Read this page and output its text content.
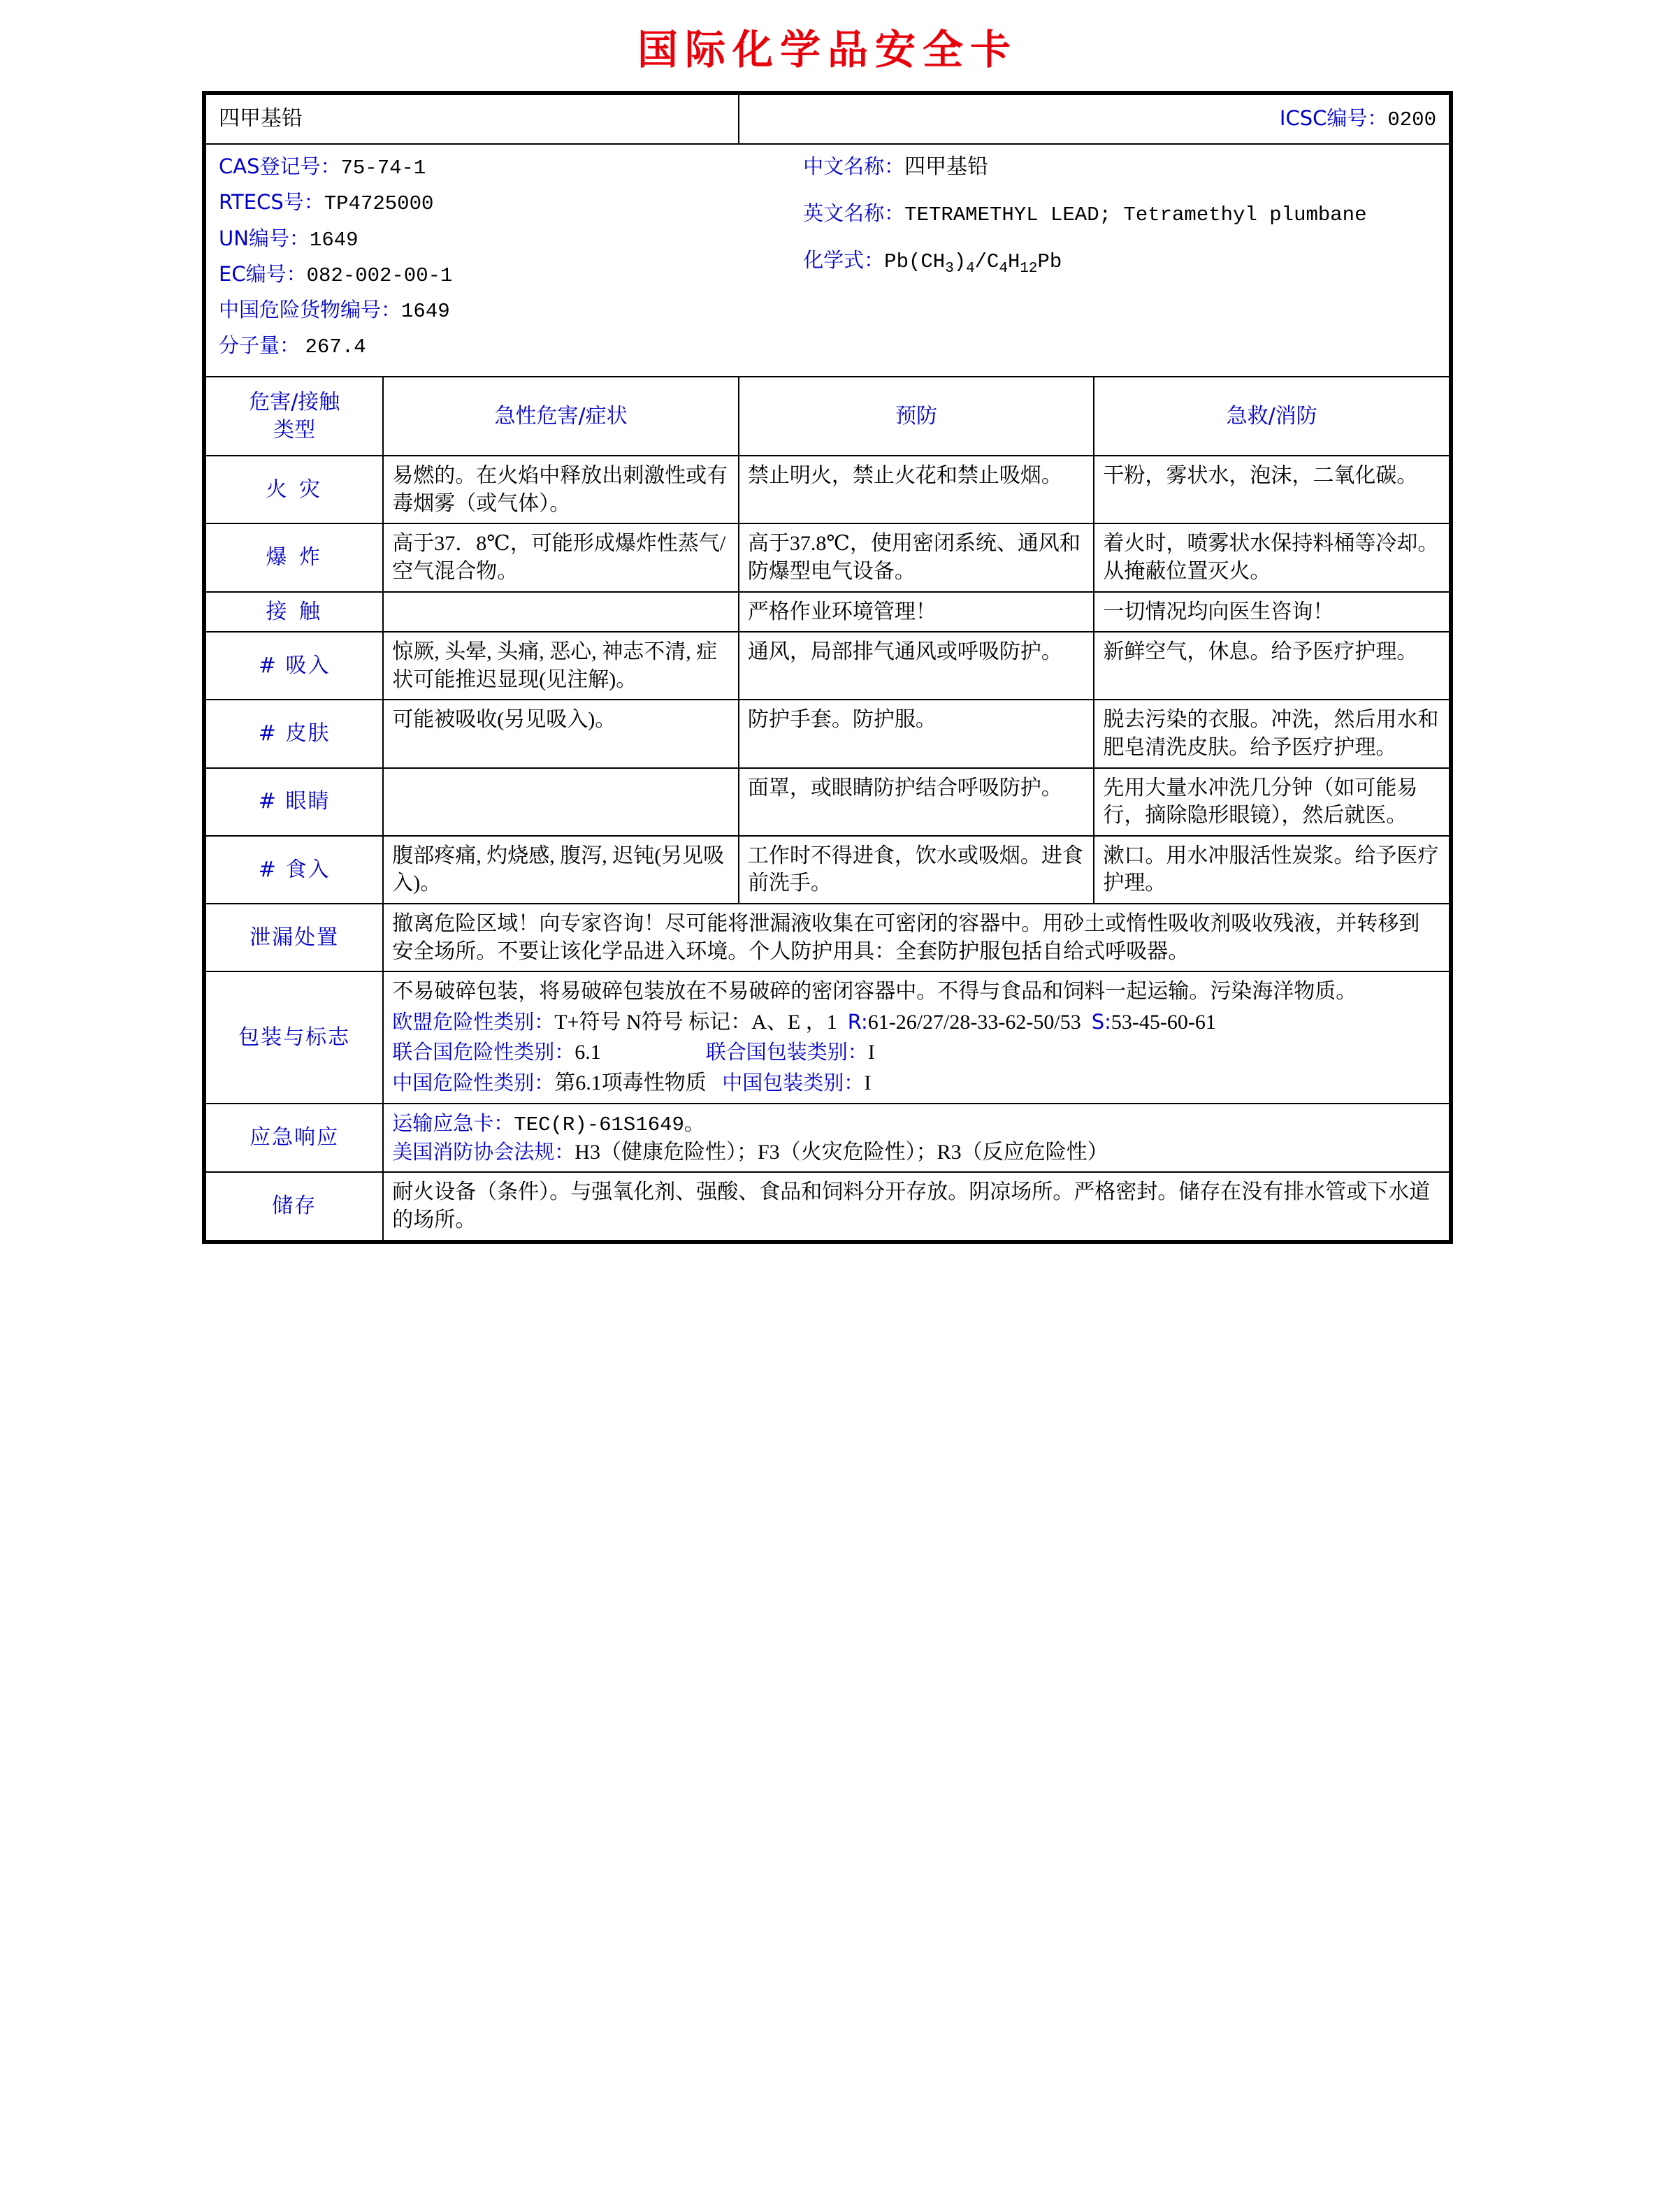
国际化学品安全卡
四甲基铅		ICSC编号：0200	

CAS登记号：75-74-1
RTECS号：TP4725000
UN编号：1649
EC编号：082-002-00-1
中国危险货物编号：1649
分子量： 267.4
中文名称：四甲基铅
英文名称：TETRAMETHYL LEAD; Tetramethyl plumbane
化学式：$Pb(CH_3)_4/C_4H_{12}Pb$

危害/接触
类型	急性危害/症状	预防	急救/消防
火 灾	易燃的。在火焰中释放出刺激性或有毒烟雾（或气体）。	禁止明火，禁止火花和禁止吸烟。	干粉，雾状水，泡沫，二氧化碳。
爆 炸	高于37．8℃，可能形成爆炸性蒸气/空气混合物。	高于37.8℃，使用密闭系统、通风和防爆型电气设备。	着火时，喷雾状水保持料桶等冷却。从掩蔽位置灭火。
接 触		严格作业环境管理！	一切情况均向医生咨询！
# 吸入	惊厥, 头晕, 头痛, 恶心, 神志不清, 症状可能推迟显现(见注解)。	通风，局部排气通风或呼吸防护。	新鲜空气，休息。给予医疗护理。
# 皮肤	可能被吸收(另见吸入)。	防护手套。防护服。	脱去污染的衣服。冲洗，然后用水和肥皂清洗皮肤。给予医疗护理。
# 眼睛		面罩，或眼睛防护结合呼吸防护。	先用大量水冲洗几分钟（如可能易行，摘除隐形眼镜），然后就医。
# 食入	腹部疼痛, 灼烧感, 腹泻, 迟钝(另见吸入)。	工作时不得进食，饮水或吸烟。进食前洗手。	漱口。用水冲服活性炭浆。给予医疗护理。
泄漏处置	撤离危险区域！向专家咨询！尽可能将泄漏液收集在可密闭的容器中。用砂土或惰性吸收剂吸收残液，并转移到安全场所。不要让该化学品进入环境。个人防护用具：全套防护服包括自给式呼吸器。		
包装与标志	不易破碎包装，将易破碎包装放在不易破碎的密闭容器中。不得与食品和饲料一起运输。污染海洋物质。
欧盟危险性类别：T+符号 N符号 标记：A、E ，1 R:61-26/27/28-33-62-50/53 S:53-45-60-61
联合国危险性类别：6.1 联合国包装类别：I
中国危险性类别：第6.1项毒性物质 中国包装类别：I		

应急响应	运输应急卡：TEC(R)-61S1649。
美国消防协会法规：H3（健康危险性）；F3（火灾危险性）；R3（反应危险性）		

储存	耐火设备（条件）。与强氧化剂、强酸、食品和饲料分开存放。阴凉场所。严格密封。储存在没有排水管或下水道的场所。		
